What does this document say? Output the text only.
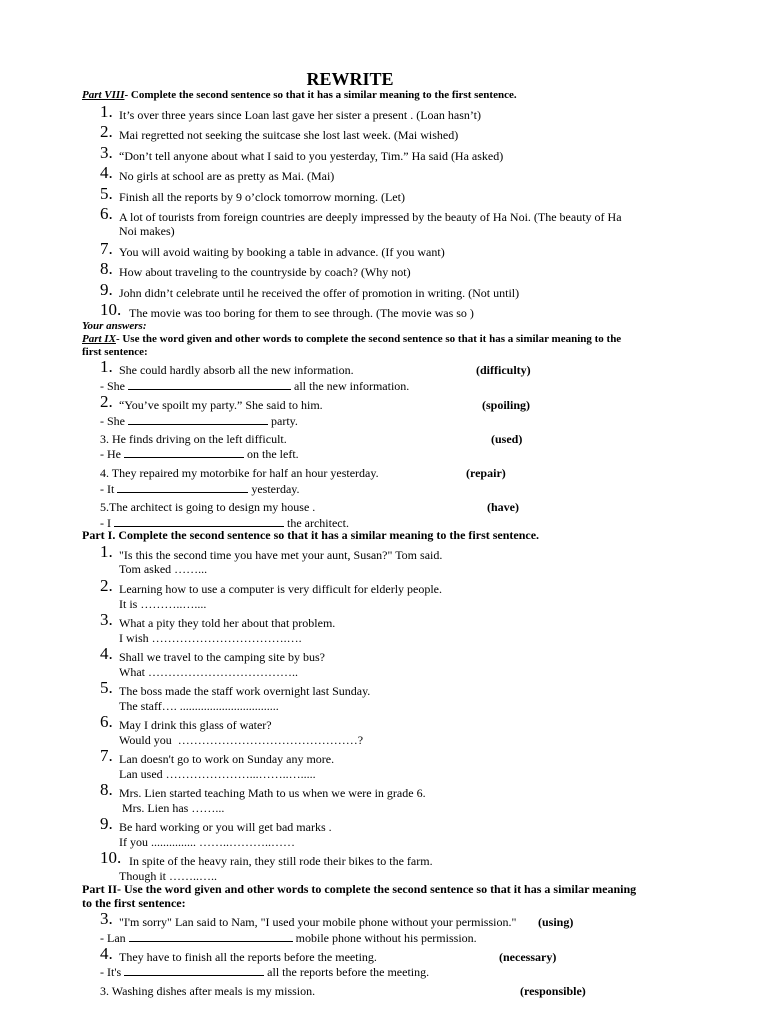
REWRITE
Part VIII- Complete the second sentence so that it has a similar meaning to the first sentence.
1. It’s over three years since Loan last gave her sister a present . (Loan hasn’t)
2. Mai regretted not seeking the suitcase she lost last week. (Mai wished)
3. “Don’t tell anyone about what I said to you yesterday, Tim.” Ha said (Ha asked)
4. No girls at school are as pretty as Mai. (Mai)
5. Finish all the reports by 9 o’clock tomorrow morning. (Let)
6. A lot of tourists from foreign countries are deeply impressed by the beauty of Ha Noi. (The beauty of Ha Noi makes)
7. You will avoid waiting by booking a table in advance. (If you want)
8. How about traveling to the countryside by coach? (Why not)
9. John didn’t celebrate until he received the offer of promotion in writing. (Not until)
10. The movie was too boring for them to see through. (The movie was so )
Your answers:
Part IX- Use the word given and other words to complete the second sentence so that it has a similar meaning to the first sentence:
1. She could hardly absorb all the new information.	(difficulty)
- She	all the new information.
2. “You’ve spoilt my party.” She said to him.	(spoiling)
- She	party.
3. He finds driving on the left difficult.	(used)
- He	on the left.
4. They repaired my motorbike for half an hour yesterday.	(repair)
- It	yesterday.
5.The architect is going to design my house .	(have)
- I	the architect.
Part I. Complete the second sentence so that it has a similar meaning to the first sentence.
1. "Is this the second time you have met your aunt, Susan?" Tom said.
Tom asked ……...
2. Learning how to use a computer is very difficult for elderly people.
It is ………..…....
3. What a pity they told her about that problem.
I wish …………………………….….
4. Shall we travel to the camping site by bus?
What ………………………………..
5. The boss made the staff work overnight last Sunday.
The staff…. .................................
6. May I drink this glass of water?
Would you  ………………………………………?
7. Lan doesn't go to work on Sunday any more.
Lan used …………………...……..….....
8. Mrs. Lien started teaching Math to us when we were in grade 6.
Mrs. Lien has ……...
9. Be hard working or you will get bad marks .
If you ............... ……..………..……
10. In spite of the heavy rain, they still rode their bikes to the farm.
Though it ……..…..
Part II- Use the word given and other words to complete the second sentence so that it has a similar meaning to the first sentence:
3. "I'm sorry" Lan said to Nam, "I used your mobile phone without your permission."	(using)
- Lan	mobile phone without his permission.
4. They have to finish all the reports before the meeting.	(necessary)
- It's	all the reports before the meeting.
3. Washing dishes after meals is my mission.	(responsible)
